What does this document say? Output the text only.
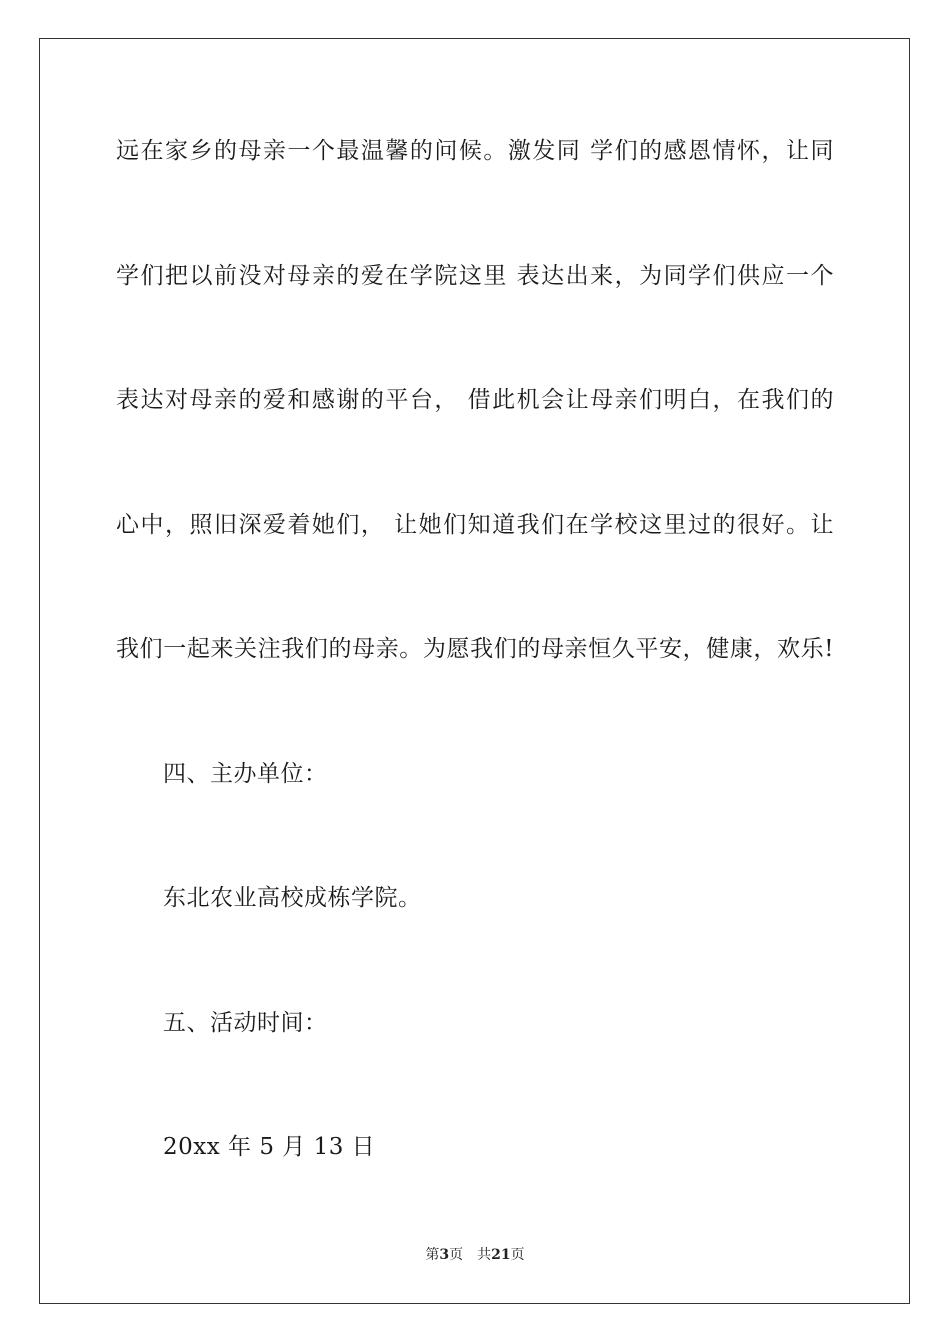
远在家乡的母亲一个最温馨的问候。激发同 学们的感恩情怀，让同
学们把以前没对母亲的爱在学院这里 表达出来，为同学们供应一个
表达对母亲的爱和感谢的平台， 借此机会让母亲们明白，在我们的
心中，照旧深爱着她们， 让她们知道我们在学校这里过的很好。让
我们一起来关注我们的母亲。为愿我们的母亲恒久平安，健康，欢乐!
四、主办单位：
东北农业高校成栋学院。
五、活动时间：
20xx 年 5 月 13 日
第3页 共21页
